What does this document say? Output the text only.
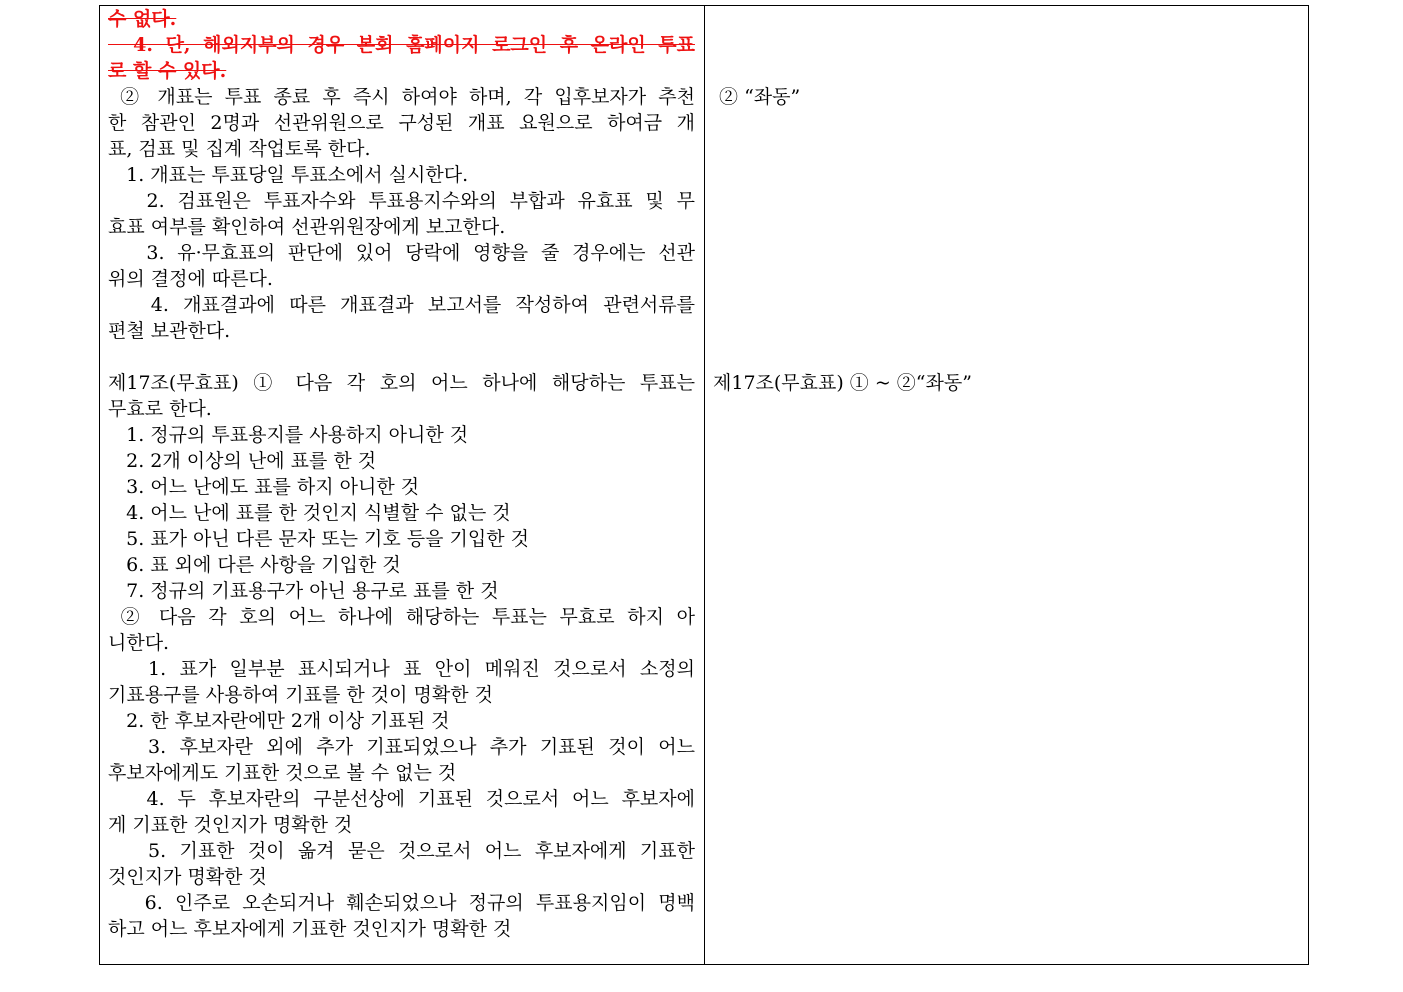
수 없다.
4. 단, 해외지부의 경우 본회 홈페이지 로그인 후 온라인 투표
로 할 수 있다.
② 개표는 투표 종료 후 즉시 하여야 하며, 각 입후보자가 추천
한 참관인 2명과 선관위원으로 구성된 개표 요원으로 하여금 개
표, 검표 및 집계 작업토록 한다.
1. 개표는 투표당일 투표소에서 실시한다.
2. 검표원은 투표자수와 투표용지수와의 부합과 유효표 및 무
효표 여부를 확인하여 선관위원장에게 보고한다.
3. 유·무효표의 판단에 있어 당락에 영향을 줄 경우에는 선관
위의 결정에 따른다.
4. 개표결과에 따른 개표결과 보고서를 작성하여 관련서류를
편철 보관한다.
제17조(무효표) ① 다음 각 호의 어느 하나에 해당하는 투표는
무효로 한다.
1. 정규의 투표용지를 사용하지 아니한 것
2. 2개 이상의 난에 표를 한 것
3. 어느 난에도 표를 하지 아니한 것
4. 어느 난에 표를 한 것인지 식별할 수 없는 것
5. 표가 아닌 다른 문자 또는 기호 등을 기입한 것
6. 표 외에 다른 사항을 기입한 것
7. 정규의 기표용구가 아닌 용구로 표를 한 것
② 다음 각 호의 어느 하나에 해당하는 투표는 무효로 하지 아
니한다.
1. 표가 일부분 표시되거나 표 안이 메워진 것으로서 소정의
기표용구를 사용하여 기표를 한 것이 명확한 것
2. 한 후보자란에만 2개 이상 기표된 것
3. 후보자란 외에 추가 기표되었으나 추가 기표된 것이 어느
후보자에게도 기표한 것으로 볼 수 없는 것
4. 두 후보자란의 구분선상에 기표된 것으로서 어느 후보자에
게 기표한 것인지가 명확한 것
5. 기표한 것이 옮겨 묻은 것으로서 어느 후보자에게 기표한
것인지가 명확한 것
6. 인주로 오손되거나 훼손되었으나 정규의 투표용지임이 명백
하고 어느 후보자에게 기표한 것인지가 명확한 것
② “좌동”
제17조(무효표) ① ~ ②“좌동”
